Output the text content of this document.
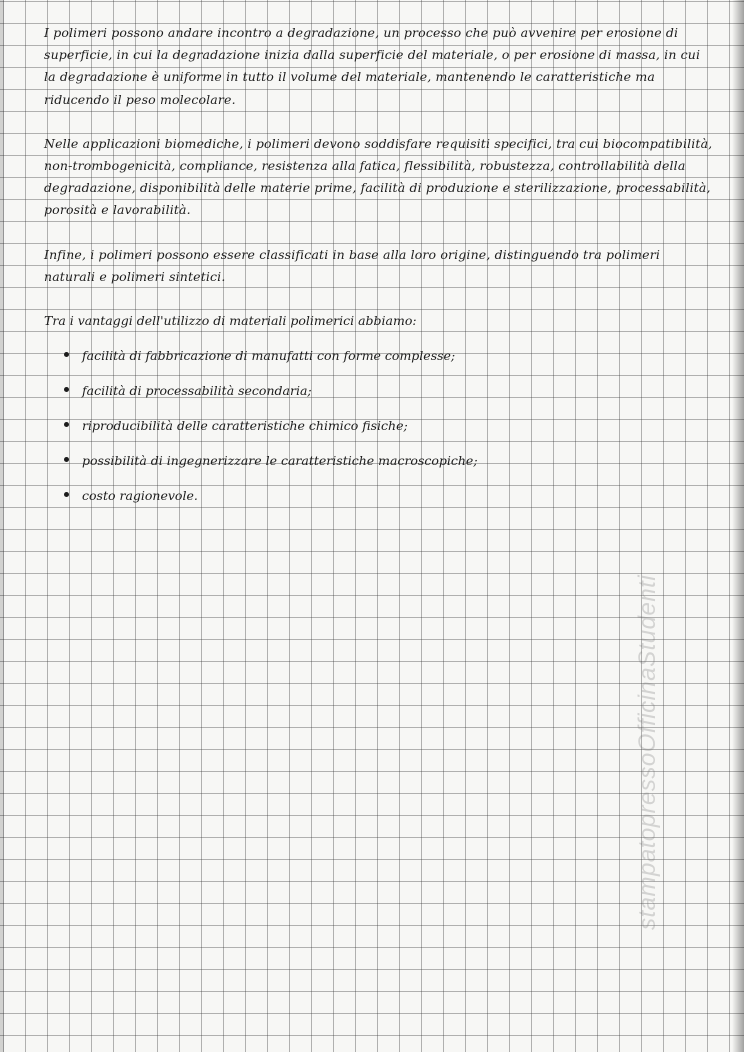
I polimeri possono andare incontro a degradazione, un processo che può avvenire per erosione di superficie, in cui la degradazione inizia dalla superficie del materiale, o per erosione di massa, in cui la degradazione è uniforme in tutto il volume del materiale, mantenendo le caratteristiche ma riducendo il peso molecolare.

Nelle applicazioni biomediche, i polimeri devono soddisfare requisiti specifici, tra cui biocompatibilità, non-trombogenicità, compliance, resistenza alla fatica, flessibilità, robustezza, controllabilità della degradazione, disponibilità delle materie prime, facilità di produzione e sterilizzazione, processabilità, porosità e lavorabilità.

Infine, i polimeri possono essere classificati in base alla loro origine, distinguendo tra polimeri naturali e polimeri sintetici.

Tra i vantaggi dell'utilizzo di materiali polimerici abbiamo:

facilità di fabbricazione di manufatti con forme complesse;
facilità di processabilità secondaria;
riproducibilità delle caratteristiche chimico fisiche;
possibilità di ingegnerizzare le caratteristiche macroscopiche;
costo ragionevole.
stampatopressoOfficinaStudenti
